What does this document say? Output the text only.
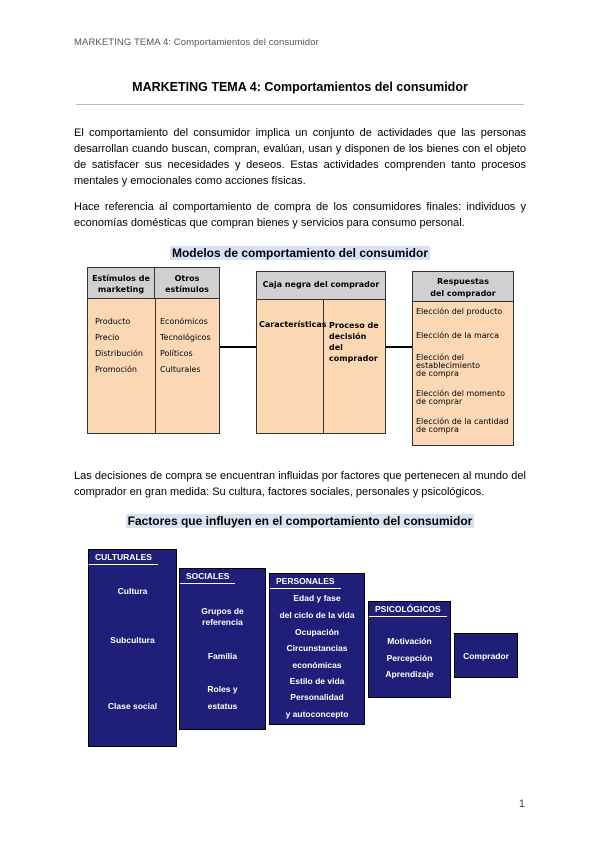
MARKETING TEMA 4: Comportamientos del consumidor
MARKETING TEMA 4: Comportamientos del consumidor
El comportamiento del consumidor implica un conjunto de actividades que las personas desarrollan cuando buscan, compran, evalúan, usan y disponen de los bienes con el objeto de satisfacer sus necesidades y deseos. Estas actividades comprenden tanto procesos mentales y emocionales como acciones físicas.
Hace referencia al comportamiento de compra de los consumidores finales: individuos y economías domésticas que compran bienes y servicios para consumo personal.
Modelos de comportamiento del consumidor
Estímulos de
marketing
Otros
estímulos
Producto
Precio
Distribución
Promoción
Económicos
Tecnológicos
Políticos
Culturales
Caja negra del comprador
Características Proceso de
decisión
del
comprador
Respuestas
del comprador
Elección del producto
Elección de la marca
Elección del
establecimiento
de compra
Elección del momento
de comprar
Elección de la cantidad
de compra
Las decisiones de compra se encuentran influidas por factores que pertenecen al mundo del comprador en gran medida: Su cultura, factores sociales, personales y psicológicos.
Factores que influyen en el comportamiento del consumidor
CULTURALES
Cultura
Subcultura
Clase social
SOCIALES
Grupos de
referencia
Familia
Roles y
estatus
PERSONALES
Edad y fase
del ciclo de la vida
Ocupación
Circunstancias
económicas
Estilo de vida
Personalidad
y autoconcepto
PSICOLÓGICOS
Motivación
Percepción
Aprendizaje
Comprador
1
